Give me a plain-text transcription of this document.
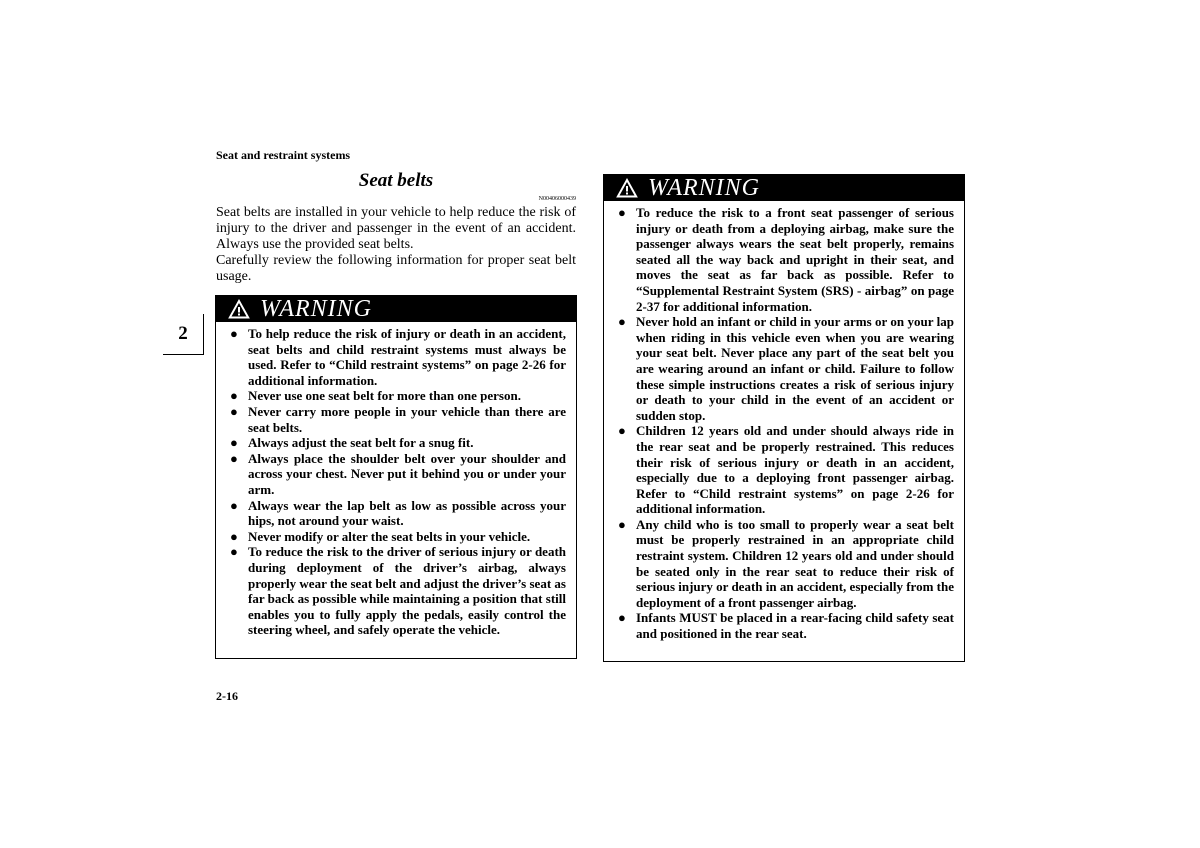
Seat and restraint systems
2
Seat belts
N00406000439

Seat belts are installed in your vehicle to help reduce the risk of injury to the driver and passenger in the event of an accident. Always use the provided seat belts.

Carefully review the following information for proper seat belt usage.

WARNING
● To help reduce the risk of injury or death in an accident, seat belts and child restraint systems must always be used. Refer to “Child restraint systems” on page 2-26 for additional information.
● Never use one seat belt for more than one person.
● Never carry more people in your vehicle than there are seat belts.
● Always adjust the seat belt for a snug fit.
● Always place the shoulder belt over your shoulder and across your chest. Never put it behind you or under your arm.
● Always wear the lap belt as low as possible across your hips, not around your waist.
● Never modify or alter the seat belts in your vehicle.
● To reduce the risk to the driver of serious injury or death during deployment of the driver’s airbag, always properly wear the seat belt and adjust the driver’s seat as far back as possible while maintaining a position that still enables you to fully apply the pedals, easily control the steering wheel, and safely operate the vehicle.
WARNING
● To reduce the risk to a front seat passenger of serious injury or death from a deploying airbag, make sure the passenger always wears the seat belt properly, remains seated all the way back and upright in their seat, and moves the seat as far back as possible. Refer to “Supplemental Restraint System (SRS) - airbag” on page 2-37 for additional information.
● Never hold an infant or child in your arms or on your lap when riding in this vehicle even when you are wearing your seat belt. Never place any part of the seat belt you are wearing around an infant or child. Failure to follow these simple instructions creates a risk of serious injury or death to your child in the event of an accident or sudden stop.
● Children 12 years old and under should always ride in the rear seat and be properly restrained. This reduces their risk of serious injury or death in an accident, especially due to a deploying front passenger airbag. Refer to “Child restraint systems” on page 2-26 for additional information.
● Any child who is too small to properly wear a seat belt must be properly restrained in an appropriate child restraint system. Children 12 years old and under should be seated only in the rear seat to reduce their risk of serious injury or death in an accident, especially from the deployment of a front passenger airbag.
● Infants MUST be placed in a rear-facing child safety seat and positioned in the rear seat.
2-16
